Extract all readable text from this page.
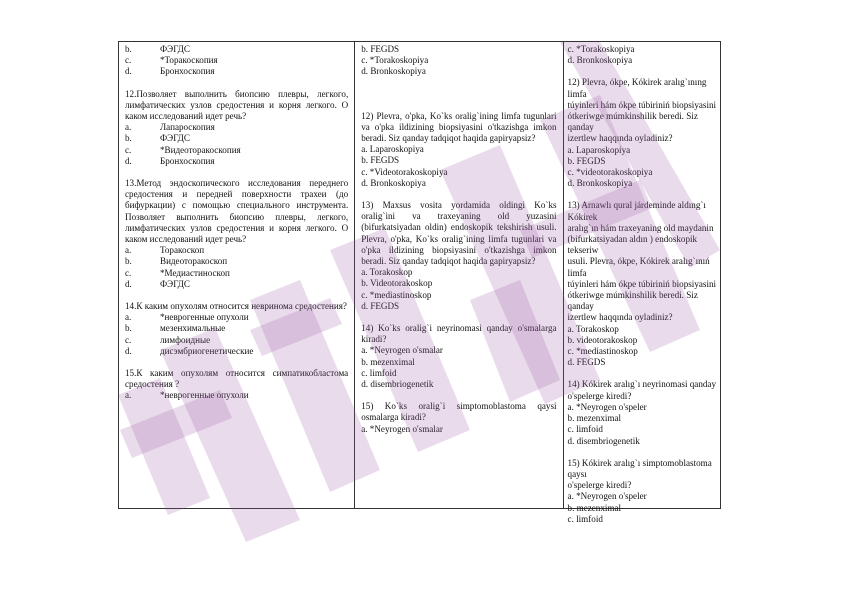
b.	ФЭГДС
c.	*Торакоскопия
d.	Бронхоскопия

12.Позволяет выполнить биопсию плевры, легкого, лимфатических узлов средостения и корня легкого. О каком исследований идет речь?

a.	Лапароскопия
b.	ФЭГДС
c.	*Видеоторакоскопия
d.	Бронхоскопия

13.Метод эндоскопического исследования переднего средостения и передней поверхности трахеи (до бифуркации) с помощью специального инструмента. Позволяет выполнить биопсию плевры, легкого, лимфатических узлов средостения и корня легкого. О каком исследований идет речь?

a.	Торакоскоп
b.	Видеоторакоскоп
c.	*Медиастиноскоп
d.	ФЭГДС

14.К каким опухолям относится невринома средостения?

a.	*неврогенные опухоли
b.	мезенхимальные
c.	лимфоидные
d.	дисэмбриогенетические

15.К каким опухолям относится симпатикобластома средостения ?

a.	*неврогенные опухоли
b. FEGDS
c. *Torakoskopiya
d. Bronkoskopiya

12) Plevra, o'pka, Ko`ks oralig`ining limfa tugunlari va o'pka ildizining biopsiyasini o'tkazishga imkon beradi. Siz qanday tadqiqot haqida gapiryapsiz?

a. Laparoskopiya
b. FEGDS
c. *Videotorakoskopiya
d. Bronkoskopiya

13) Maxsus vosita yordamida oldingi Ko`ks oralig`ini va traxeyaning old yuzasini (bifurkatsiyadan oldin) endoskopik tekshirish usuli. Plevra, o'pka, Ko`ks oralig`ining limfa tugunlari va o'pka ildizining biopsiyasini o'tkazishga imkon beradi. Siz qanday tadqiqot haqida gapiryapsiz?

a. Torakoskop
b. Videotorakoskop
c. *mediastinoskop
d. FEGDS

14) Ko`ks oralig`i neyrinomasi qanday o'smalarga kiradi?

a. *Neyrogen o'smalar
b. mezenximal
c. limfoid
d. disembriogenetik

15) Ko`ks oralig`i simptomoblastoma qaysi osmalarga kiradi?

a. *Neyrogen o'smalar
c. *Torakoskopiya
d. Bronkoskopiya
12) Plevra, ókpe, Kókirek aralıg`ınıng limfa
túyinleri hám ókpe túbiriniń biopsiyasini
ótkeriwge múmkinshilik beredi. Siz qanday
izertlew haqqında oyladiniz?
a. Laparoskopiya
b. FEGDS
c. *videotorakoskopiya
d. Bronkoskopiya
13) Arnawlı qural járdeminde aldıng`ı Kókirek
aralıg`ın hám traxeyaning old maydanin
(bifurkatsiyadan aldın ) endoskopik tekseriw
usuli. Plevra, ókpe, Kókirek aralıg`ınıń limfa
túyinleri hám ókpe túbiriniń biopsiyasini
ótkeriwge múmkinshilik beredi. Siz qanday
izertlew haqqında oyladiniz?
a. Torakoskop
b. videotorakoskop
c. *mediastinoskop
d. FEGDS
14) Kókirek aralıg`ı neyrinomasi qanday
o'spelerge kiredi?
a. *Neyrogen o'speler
b. mezenximal
c. limfoid
d. disembriogenetik
15) Kókirek aralıg`ı simptomoblastoma qaysı
o'spelerge kiredi?
a. *Neyrogen o'speler
b. mezenximal
c. limfoid
